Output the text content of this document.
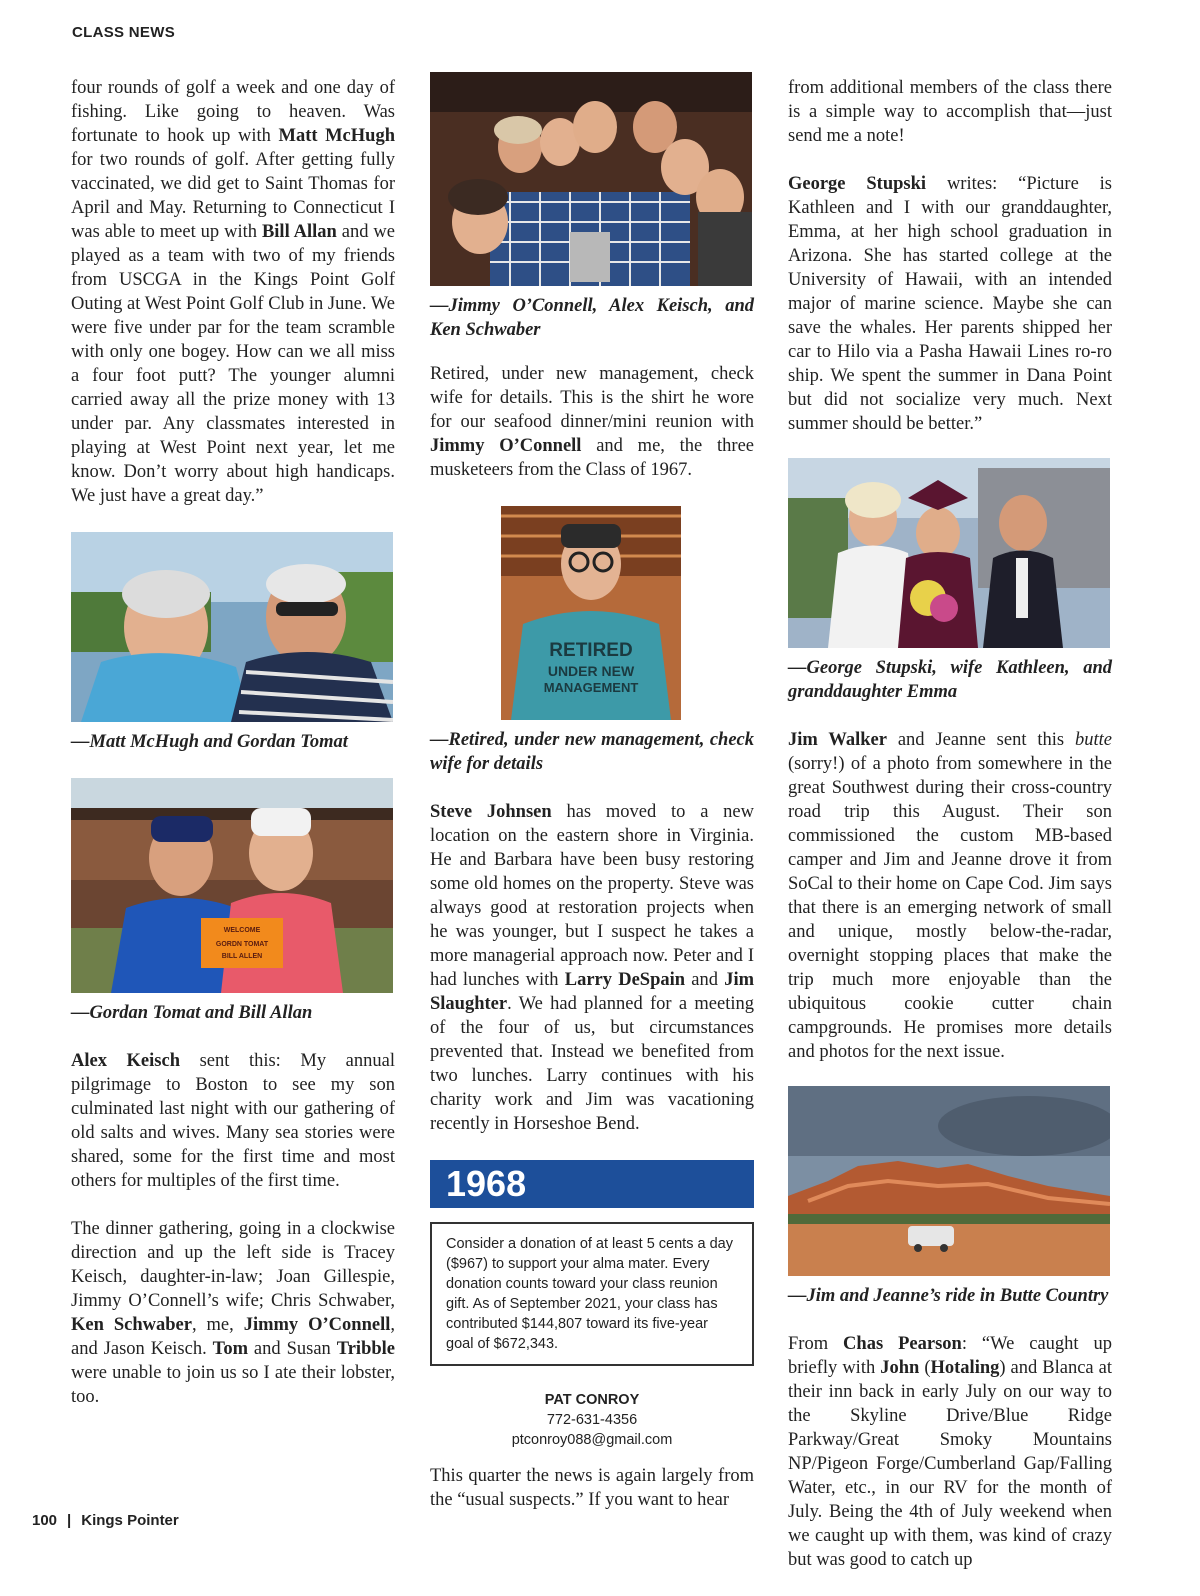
CLASS NEWS

four rounds of golf a week and one day of fishing. Like going to heaven. Was fortunate to hook up with Matt McHugh for two rounds of golf. After getting fully vaccinated, we did get to Saint Thomas for April and May. Returning to Connecticut I was able to meet up with Bill Allan and we played as a team with two of my friends from USCGA in the Kings Point Golf Outing at West Point Golf Club in June. We were five under par for the team scramble with only one bogey. How can we all miss a four foot putt? The younger alumni carried away all the prize money with 13 under par. Any classmates interested in playing at West Point next year, let me know. Don’t worry about high handicaps. We just have a great day.”

—Matt McHugh and Gordan Tomat

WELCOME
GORDN TOMAT
BILL ALLEN

—Gordan Tomat and Bill Allan

Alex Keisch sent this: My annual pilgrimage to Boston to see my son culminated last night with our gathering of old salts and wives. Many sea stories were shared, some for the first time and most others for multiples of the first time.

The dinner gathering, going in a clockwise direction and up the left side is Tracey Keisch, daughter-in-law; Joan Gillespie, Jimmy O’Connell’s wife; Chris Schwaber, Ken Schwaber, me, Jimmy O’Connell, and Jason Keisch. Tom and Susan Tribble were unable to join us so I ate their lobster, too.

—Jimmy O’Connell, Alex Keisch, and Ken Schwaber

Retired, under new management, check wife for details. This is the shirt he wore for our seafood dinner/mini reunion with Jimmy O’Connell and me, the three musketeers from the Class of 1967.

RETIRED
UNDER NEW
MANAGEMENT

—Retired, under new management, check wife for details

Steve Johnsen has moved to a new location on the eastern shore in Virginia. He and Barbara have been busy restoring some old homes on the property. Steve was always good at restoration projects when he was younger, but I suspect he takes a more managerial approach now. Peter and I had lunches with Larry DeSpain and Jim Slaughter. We had planned for a meeting of the four of us, but circumstances prevented that. Instead we benefited from two lunches. Larry continues with his charity work and Jim was vacationing recently in Horseshoe Bend.

1968
Consider a donation of at least 5 cents a day ($967) to support your alma mater. Every donation counts toward your class reunion gift. As of September 2021, your class has contributed $144,807 toward its five-year goal of $672,343.
PAT CONROY
772-631-4356
ptconroy088@gmail.com

This quarter the news is again largely from the “usual suspects.” If you want to hear

from additional members of the class there is a simple way to accomplish that—just send me a note!

George Stupski writes: “Picture is Kathleen and I with our granddaughter, Emma, at her high school graduation in Arizona. She has started college at the University of Hawaii, with an intended major of marine science. Maybe she can save the whales. Her parents shipped her car to Hilo via a Pasha Hawaii Lines ro-ro ship. We spent the summer in Dana Point but did not socialize very much. Next summer should be better.”

—George Stupski, wife Kathleen, and granddaughter Emma

Jim Walker and Jeanne sent this butte (sorry!) of a photo from somewhere in the great Southwest during their cross-country road trip this August. Their son commissioned the custom MB-based camper and Jim and Jeanne drove it from SoCal to their home on Cape Cod. Jim says that there is an emerging network of small and unique, mostly below-the-radar, overnight stopping places that make the trip much more enjoyable than the ubiquitous cookie cutter chain campgrounds. He promises more details and photos for the next issue.

—Jim and Jeanne’s ride in Butte Country

From Chas Pearson: “We caught up briefly with John (Hotaling) and Blanca at their inn back in early July on our way to the Skyline Drive/Blue Ridge Parkway/Great Smoky Mountains NP/Pigeon Forge/Cumberland Gap/Falling Water, etc., in our RV for the month of July. Being the 4th of July weekend when we caught up with them, was kind of crazy but was good to catch up

100 | Kings Pointer
